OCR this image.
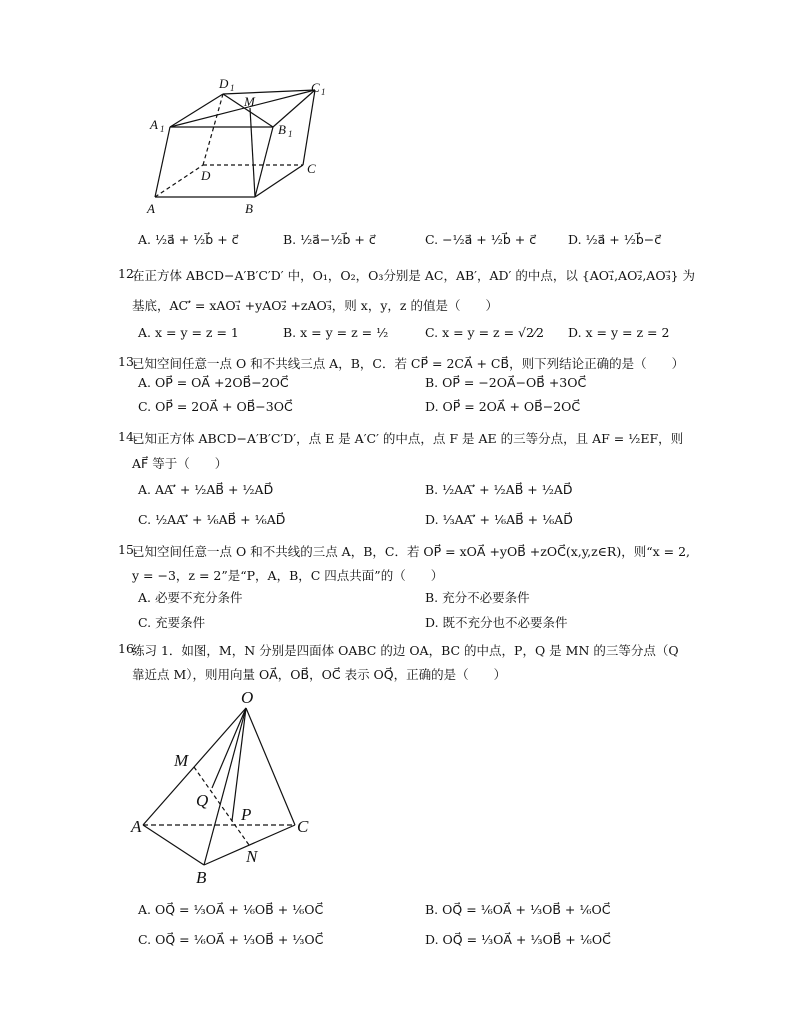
D 1
M
C 1
A 1	B 1
D	C
A	B
A. ½a⃗ + ½b⃗ + c⃗	B. ½a⃗−½b⃗ + c⃗	C. −½a⃗ + ½b⃗ + c⃗	D. ½a⃗ + ½b⃗−c⃗
12.
在正方体 ABCD−A′B′C′D′ 中，O₁，O₂，O₃分别是 AC，AB′，AD′ 的中点，以 {AO₁⃗,AO₂⃗,AO₃⃗} 为
基底，AC′⃗ = xAO₁⃗ +yAO₂⃗ +zAO₃⃗，则 x，y，z 的值是（　　）
A. x = y = z = 1	B. x = y = z = ½	C. x = y = z = √2⁄2 D. x = y = z = 2
13.
已知空间任意一点 O 和不共线三点 A，B，C．若 CP⃗ = 2CA⃗ + CB⃗，则下列结论正确的是（　　）
A. OP⃗ = OA⃗ +2OB⃗−2OC⃗	B. OP⃗ = −2OA⃗−OB⃗ +3OC⃗
C. OP⃗ = 2OA⃗ + OB⃗−3OC⃗	D. OP⃗ = 2OA⃗ + OB⃗−2OC⃗
14.
已知正方体 ABCD−A′B′C′D′，点 E 是 A′C′ 的中点，点 F 是 AE 的三等分点，且 AF = ½EF，则
AF⃗ 等于（　　）
A. AA′⃗ + ½AB⃗ + ½AD⃗	B. ½AA′⃗ + ½AB⃗ + ½AD⃗
C. ½AA′⃗ + ⅙AB⃗ + ⅙AD⃗	D. ⅓AA′⃗ + ⅙AB⃗ + ⅙AD⃗
15.
已知空间任意一点 O 和不共线的三点 A，B，C．若 OP⃗ = xOA⃗ +yOB⃗ +zOC⃗(x,y,z∈R)，则“x = 2,
y = −3，z = 2”是“P，A，B，C 四点共面”的（　　）
A. 必要不充分条件	B. 充分不必要条件
C. 充要条件	D. 既不充分也不必要条件
16.
练习 1．如图，M，N 分别是四面体 OABC 的边 OA，BC 的中点，P，Q 是 MN 的三等分点（Q
靠近点 M），则用向量 OA⃗，OB⃗，OC⃗ 表示 OQ⃗，正确的是（　　）
O
M
Q
P
A	C
N
B
A. OQ⃗ = ⅓OA⃗ + ⅙OB⃗ + ⅙OC⃗	B. OQ⃗ = ⅙OA⃗ + ⅓OB⃗ + ⅙OC⃗
C. OQ⃗ = ⅙OA⃗ + ⅓OB⃗ + ⅓OC⃗	D. OQ⃗ = ⅓OA⃗ + ⅓OB⃗ + ⅙OC⃗
